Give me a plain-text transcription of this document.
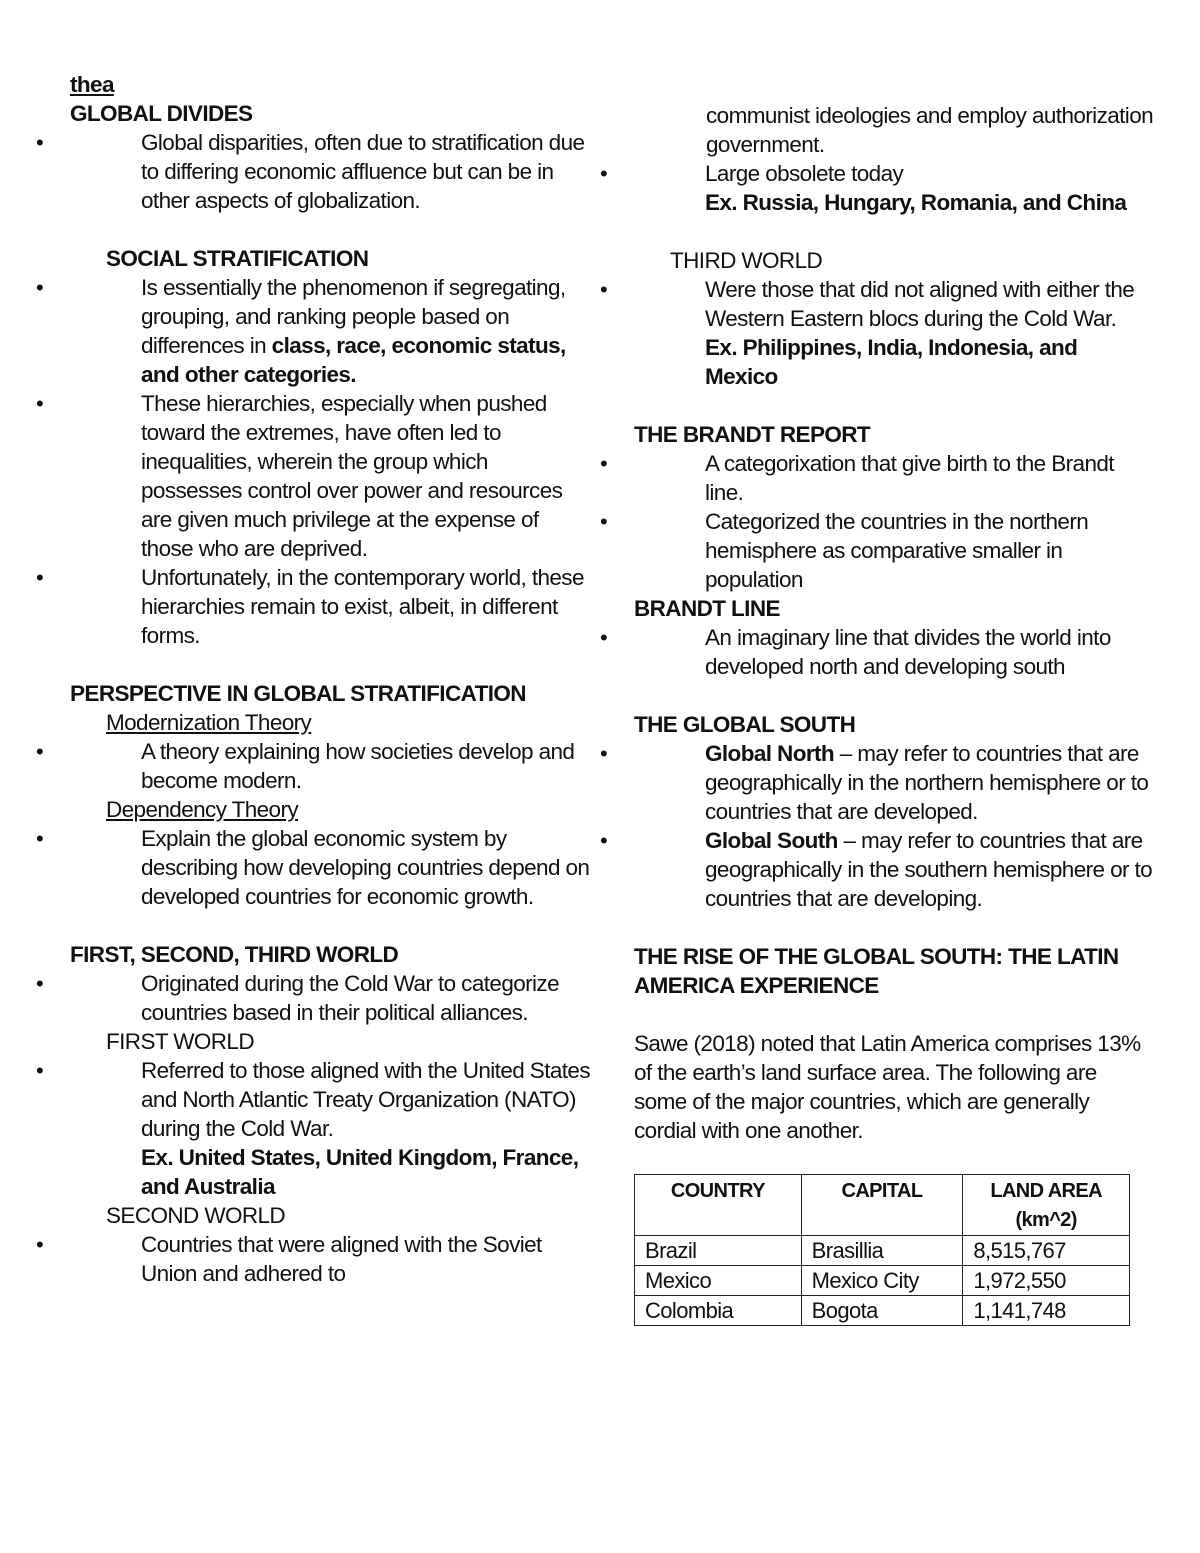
thea
GLOBAL DIVIDES
• Global disparities, often due to stratification due to differing economic affluence but can be in other aspects of globalization.
SOCIAL STRATIFICATION
• Is essentially the phenomenon if segregating, grouping, and ranking people based on differences in class, race, economic status, and other categories.
• These hierarchies, especially when pushed toward the extremes, have often led to inequalities, wherein the group which possesses control over power and resources are given much privilege at the expense of those who are deprived.
• Unfortunately, in the contemporary world, these hierarchies remain to exist, albeit, in different forms.
PERSPECTIVE IN GLOBAL STRATIFICATION
Modernization Theory
• A theory explaining how societies develop and become modern.
Dependency Theory
• Explain the global economic system by describing how developing countries depend on developed countries for economic growth.
FIRST, SECOND, THIRD WORLD
• Originated during the Cold War to categorize countries based in their political alliances.
FIRST WORLD
• Referred to those aligned with the United States and North Atlantic Treaty Organization (NATO) during the Cold War.
Ex. United States, United Kingdom, France, and Australia
SECOND WORLD
• Countries that were aligned with the Soviet Union and adhered to
communist ideologies and employ authorization government.
• Large obsolete today
Ex. Russia, Hungary, Romania, and China
THIRD WORLD
• Were those that did not aligned with either the Western Eastern blocs during the Cold War.
Ex. Philippines, India, Indonesia, and Mexico
THE BRANDT REPORT
• A categorixation that give birth to the Brandt line.
• Categorized the countries in the northern hemisphere as comparative smaller in population
BRANDT LINE
• An imaginary line that divides the world into developed north and developing south
THE GLOBAL SOUTH
• Global North – may refer to countries that are geographically in the northern hemisphere or to countries that are developed.
• Global South – may refer to countries that are geographically in the southern hemisphere or to countries that are developing.
THE RISE OF THE GLOBAL SOUTH: THE LATIN AMERICA EXPERIENCE
Sawe (2018) noted that Latin America comprises 13% of the earth’s land surface area. The following are some of the major countries, which are generally cordial with one another.
COUNTRY	CAPITAL	LAND AREA (km^2)
Brazil	Brasillia	8,515,767
Mexico	Mexico City	1,972,550
Colombia	Bogota	1,141,748
